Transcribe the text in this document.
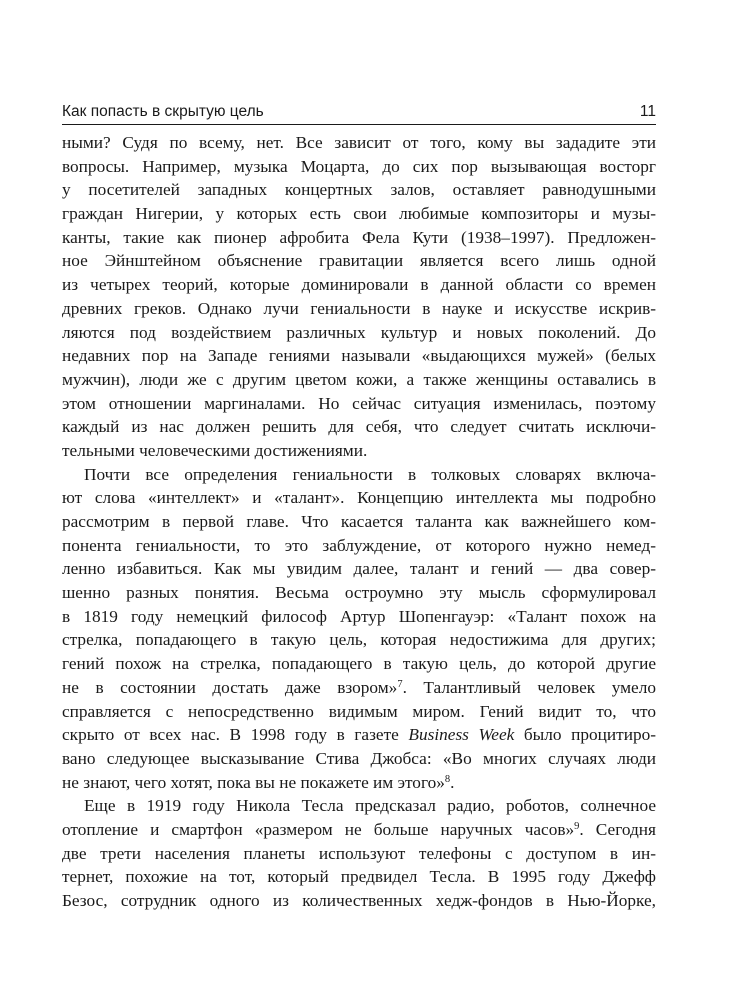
Как попасть в скрытую цель	11
ными? Судя по всему, нет. Все зависит от того, кому вы зададите эти
вопросы. Например, музыка Моцарта, до сих пор вызывающая восторг
у посетителей западных концертных залов, оставляет равнодушными
граждан Нигерии, у которых есть свои любимые композиторы и музы-
канты, такие как пионер афробита Фела Кути (1938–1997). Предложен-
ное Эйнштейном объяснение гравитации является всего лишь одной
из четырех теорий, которые доминировали в данной области со времен
древних греков. Однако лучи гениальности в науке и искусстве искрив-
ляются под воздействием различных культур и новых поколений. До
недавних пор на Западе гениями называли «выдающихся мужей» (белых
мужчин), люди же с другим цветом кожи, а также женщины оставались в
этом отношении маргиналами. Но сейчас ситуация изменилась, поэтому
каждый из нас должен решить для себя, что следует считать исключи-
тельными человеческими достижениями.
Почти все определения гениальности в толковых словарях включа-
ют слова «интеллект» и «талант». Концепцию интеллекта мы подробно
рассмотрим в первой главе. Что касается таланта как важнейшего ком-
понента гениальности, то это заблуждение, от которого нужно немед-
ленно избавиться. Как мы увидим далее, талант и гений — два совер-
шенно разных понятия. Весьма остроумно эту мысль сформулировал
в 1819 году немецкий философ Артур Шопенгауэр: «Талант похож на
стрелка, попадающего в такую цель, которая недостижима для других;
гений похож на стрелка, попадающего в такую цель, до которой другие
не в состоянии достать даже взором»$^7$. Талантливый человек умело
справляется с непосредственно видимым миром. Гений видит то, что
скрыто от всех нас. В 1998 году в газете Business Week было процитиро-
вано следующее высказывание Стива Джобса: «Во многих случаях люди
не знают, чего хотят, пока вы не покажете им этого»$^8$.
Еще в 1919 году Никола Тесла предсказал радио, роботов, солнечное
отопление и смартфон «размером не больше наручных часов»$^9$. Сегодня
две трети населения планеты используют телефоны с доступом в ин-
тернет, похожие на тот, который предвидел Тесла. В 1995 году Джефф
Безос, сотрудник одного из количественных хедж-фондов в Нью-Йорке,
